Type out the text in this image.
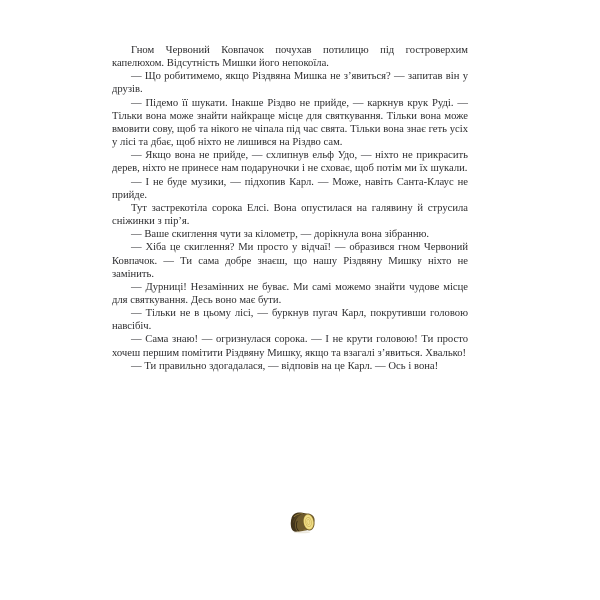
Гном Червоний Ковпачок почухав потилицю під гостроверхим капелюхом. Відсутність Мишки його непокоїла.

— Що робитимемо, якщо Різдвяна Мишка не з’явиться? — запитав він у друзів.

— Підемо її шукати. Інакше Різдво не прийде, — каркнув крук Руді. — Тільки вона може знайти найкраще місце для святкування. Тільки вона може вмовити сову, щоб та нікого не чіпала під час свята. Тільки вона знає геть усіх у лісі та дбає, щоб ніхто не лишився на Різдво сам.

— Якщо вона не прийде, — схлипнув ельф Удо, — ніхто не прикрасить дерев, ніхто не принесе нам подаруночки і не сховає, щоб потім ми їх шукали.

— І не буде музики, — підхопив Карл. — Може, навіть Санта-Клаус не прийде.

Тут застрекотіла сорока Елсі. Вона опустилася на галявину й струсила сніжинки з пір’я.

— Ваше скиглення чути за кілометр, — дорікнула вона зібранню.

— Хіба це скиглення? Ми просто у відчаї! — образився гном Червоний Ковпачок. — Ти сама добре знаєш, що нашу Різдвяну Мишку ніхто не замінить.

— Дурниці! Незамінних не буває. Ми самі можемо знайти чудове місце для святкування. Десь воно має бути.

— Тільки не в цьому лісі, — буркнув пугач Карл, покрутивши головою навсібіч.

— Сама знаю! — огризнулася сорока. — І не крути головою! Ти просто хочеш першим помітити Різдвяну Мишку, якщо та взагалі з’явиться. Хвалько!

— Ти правильно здогадалася, — відповів на це Карл. — Ось і вона!
